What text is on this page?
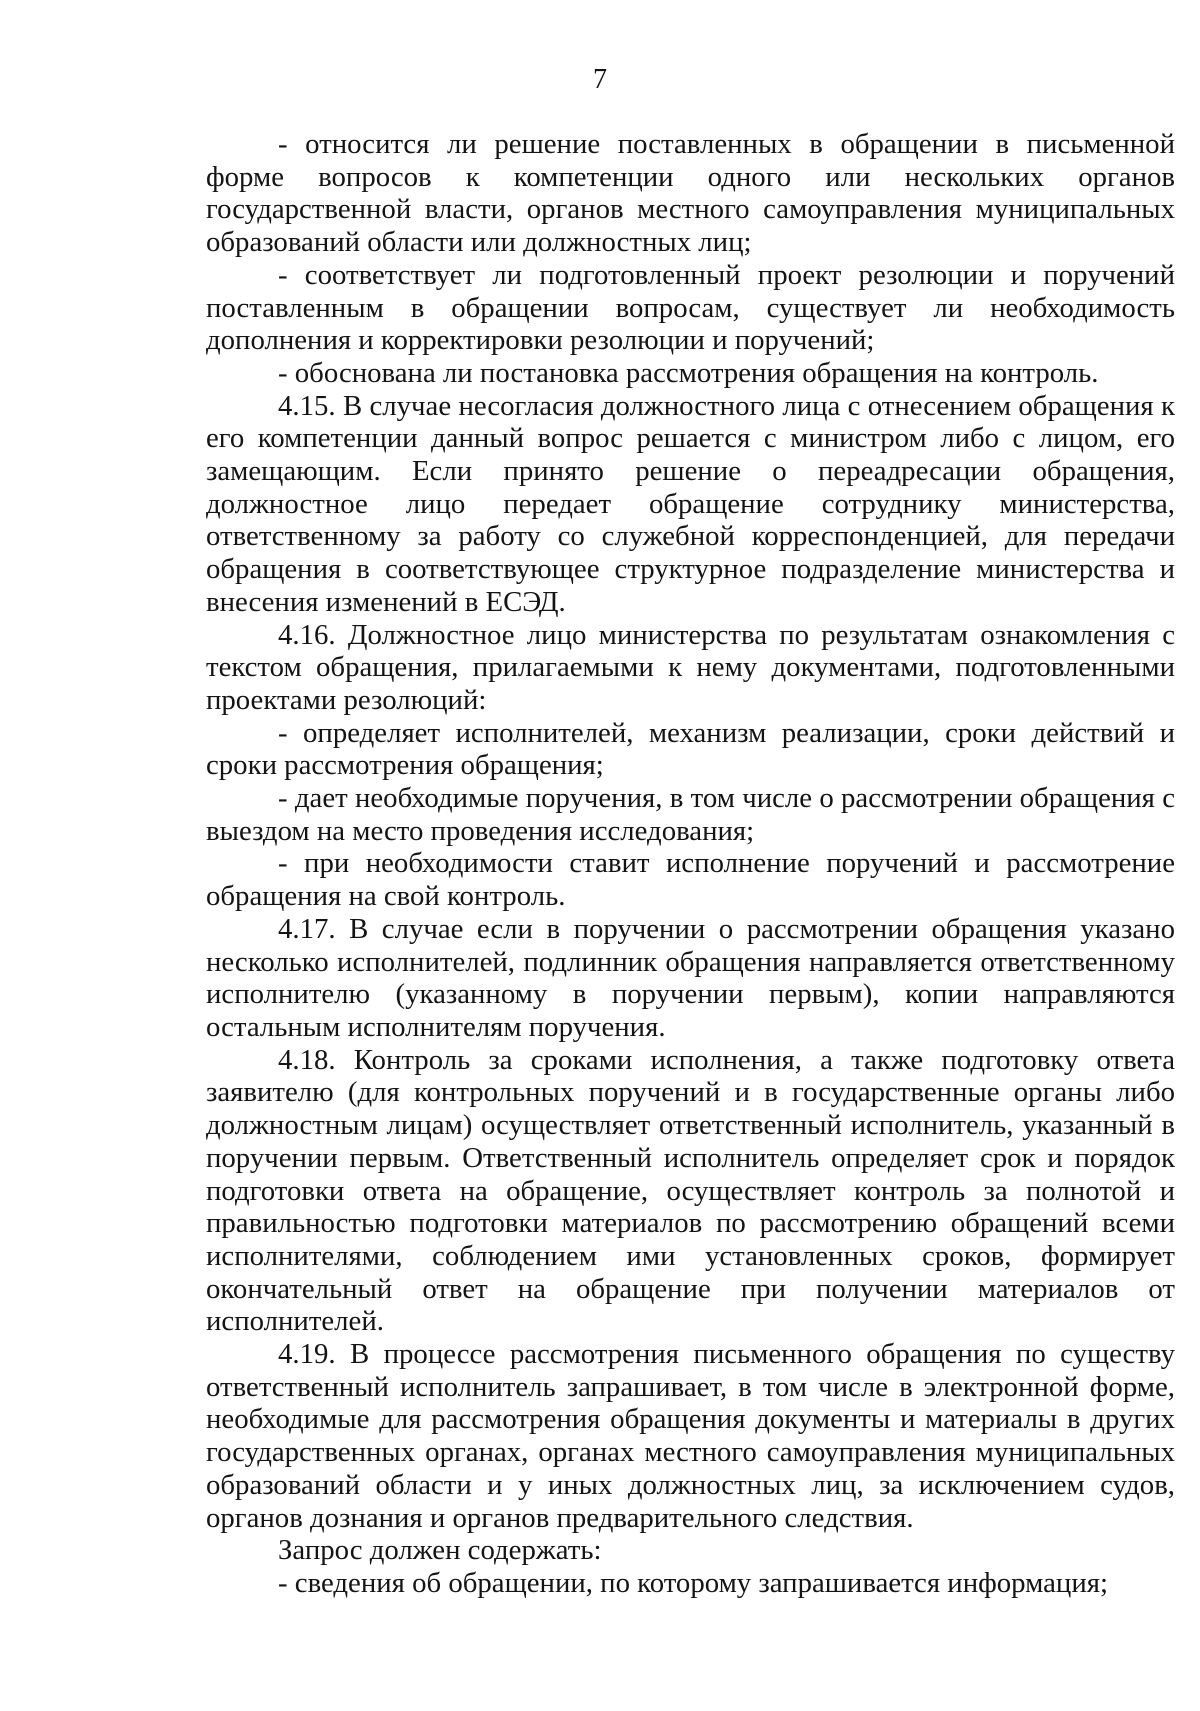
7

- относится ли решение поставленных в обращении в письменной форме вопросов к компетенции одного или нескольких органов государственной власти, органов местного самоуправления муниципальных образований области или должностных лиц;

- соответствует ли подготовленный проект резолюции и поручений поставленным в обращении вопросам, существует ли необходимость дополнения и корректировки резолюции и поручений;

- обоснована ли постановка рассмотрения обращения на контроль.

4.15. В случае несогласия должностного лица с отнесением обращения к его компетенции данный вопрос решается с министром либо с лицом, его замещающим. Если принято решение о переадресации обращения, должностное лицо передает обращение сотруднику министерства, ответственному за работу со служебной корреспонденцией, для передачи обращения в соответствующее структурное подразделение министерства и внесения изменений в ЕСЭД.

4.16. Должностное лицо министерства по результатам ознакомления с текстом обращения, прилагаемыми к нему документами, подготовленными проектами резолюций:

- определяет исполнителей, механизм реализации, сроки действий и сроки рассмотрения обращения;

- дает необходимые поручения, в том числе о рассмотрении обращения с выездом на место проведения исследования;

- при необходимости ставит исполнение поручений и рассмотрение обращения на свой контроль.

4.17. В случае если в поручении о рассмотрении обращения указано несколько исполнителей, подлинник обращения направляется ответственному исполнителю (указанному в поручении первым), копии направляются остальным исполнителям поручения.

4.18. Контроль за сроками исполнения, а также подготовку ответа заявителю (для контрольных поручений и в государственные органы либо должностным лицам) осуществляет ответственный исполнитель, указанный в поручении первым. Ответственный исполнитель определяет срок и порядок подготовки ответа на обращение, осуществляет контроль за полнотой и правильностью подготовки материалов по рассмотрению обращений всеми исполнителями, соблюдением ими установленных сроков, формирует окончательный ответ на обращение при получении материалов от исполнителей.

4.19. В процессе рассмотрения письменного обращения по существу ответственный исполнитель запрашивает, в том числе в электронной форме, необходимые для рассмотрения обращения документы и материалы в других государственных органах, органах местного самоуправления муниципальных образований области и у иных должностных лиц, за исключением судов, органов дознания и органов предварительного следствия.

Запрос должен содержать:

- сведения об обращении, по которому запрашивается информация;
